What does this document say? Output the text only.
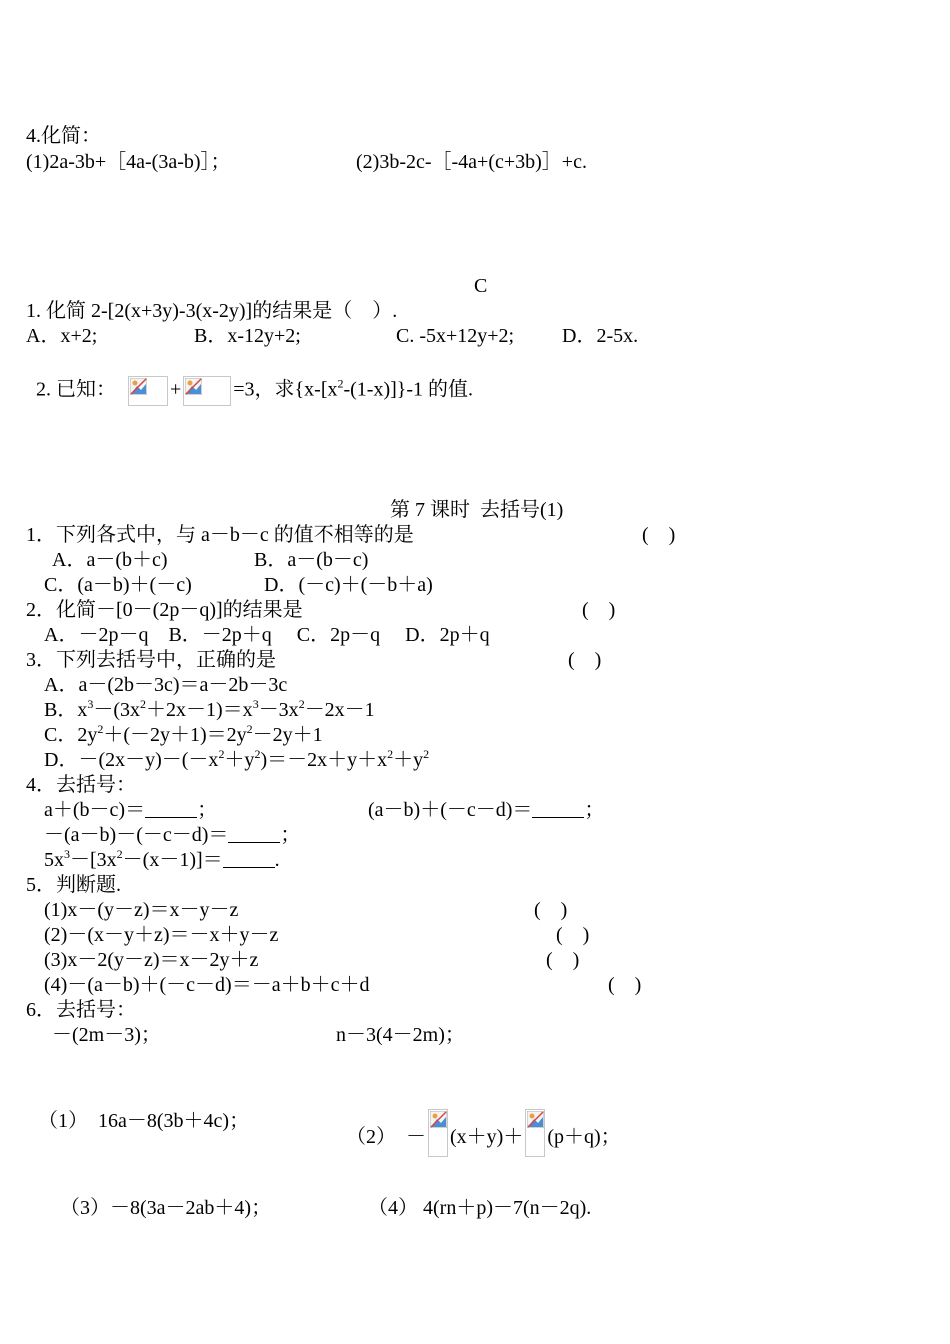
4.化简：
(1)2a-3b+［4a-(3a-b)］；	(2)3b-2c-［-4a+(c+3b)］+c.
C
1. 化简 2-[2(x+3y)-3(x-2y)]的结果是（　）.
A．x+2;	B．x-12y+2;	C. -5x+12y+2; D．2-5x.

2. 已知：	+	=3，求$\{x-[x^2-(1-x)]\}-1$ 的值.

第 7 课时  去括号(1)
1．下列各式中，与 a－b－c 的值不相等的是	(　)
A．a－(b＋c)	B．a－(b－c)
C．(a－b)＋(－c)	D．(－c)＋(－b＋a)
2．化简－[0－(2p－q)]的结果是	(　)
A．－2p－q　B．－2p＋q　 C．2p－q　 D．2p＋q
3．下列去括号中，正确的是	(　)
A．a－(2b－3c)＝a－2b－3c
B．$x^3-(3x^2+2x-1)=x^3-3x^2-2x-1$
C．$2y^2+(-2y+1)=2y^2-2y+1$
D．$-(2x-y)-(-x^2+y^2)=-2x+y+x^2+y^2$
4．去括号：
a＋(b－c)＝	；	(a－b)＋(－c－d)＝	；
－(a－b)－(－c－d)＝	；
$5x^3-[3x^2-(x-1)]=$	.
5．判断题.
(1)x－(y－z)＝x－y－z	(　)
(2)－(x－y＋z)＝－x＋y－z	(　)
(3)x－2(y－z)＝x－2y＋z	(　)
(4)－(a－b)＋(－c－d)＝－a＋b＋c＋d	(　)
6．去括号：
－(2m－3)；	n－3(4－2m)；
（1）　16a－8(3b＋4c)；
（2）　－ (x＋y)＋ (p＋q)；
（3）－8(3a－2ab＋4)；	（4） 4(rn＋p)－7(n－2q).
